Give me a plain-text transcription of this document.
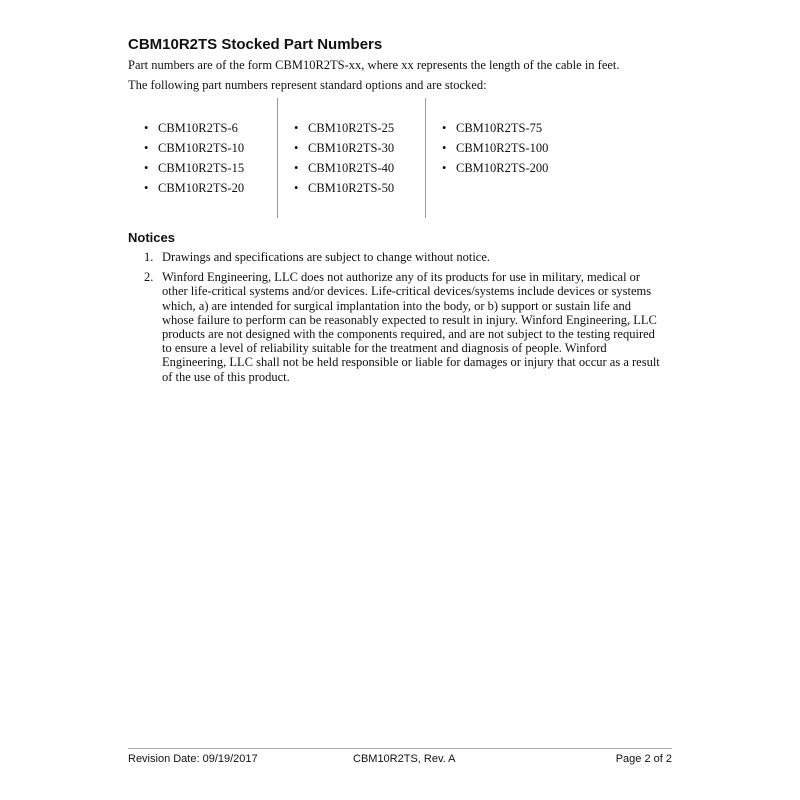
CBM10R2TS Stocked Part Numbers
Part numbers are of the form CBM10R2TS-xx, where xx represents the length of the cable in feet.
The following part numbers represent standard options and are stocked:
• CBM10R2TS-6
• CBM10R2TS-10
• CBM10R2TS-15
• CBM10R2TS-20
• CBM10R2TS-25
• CBM10R2TS-30
• CBM10R2TS-40
• CBM10R2TS-50
• CBM10R2TS-75
• CBM10R2TS-100
• CBM10R2TS-200
Notices
1. Drawings and specifications are subject to change without notice.
2. Winford Engineering, LLC does not authorize any of its products for use in military, medical or other life-critical systems and/or devices. Life-critical devices/systems include devices or systems which, a) are intended for surgical implantation into the body, or b) support or sustain life and whose failure to perform can be reasonably expected to result in injury. Winford Engineering, LLC products are not designed with the components required, and are not subject to the testing required to ensure a level of reliability suitable for the treatment and diagnosis of people. Winford Engineering, LLC shall not be held responsible or liable for damages or injury that occur as a result of the use of this product.
Revision Date: 09/19/2017	CBM10R2TS, Rev. A	Page 2 of 2
